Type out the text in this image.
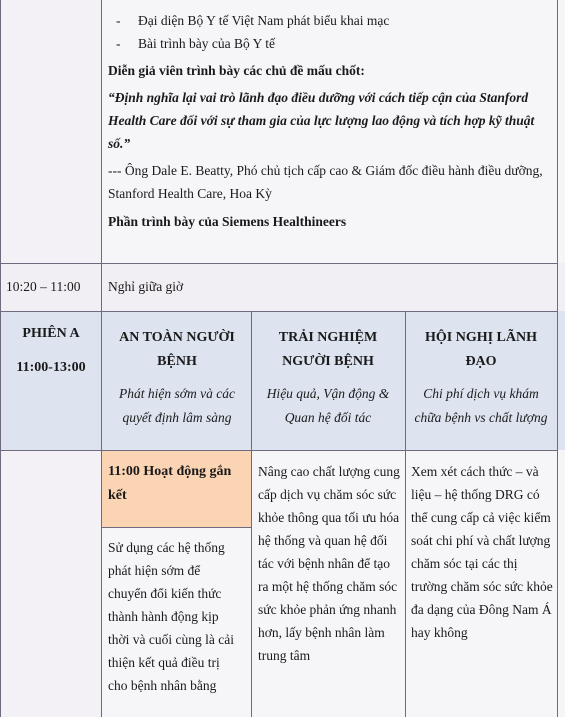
- Đại diện Bộ Y tế Việt Nam phát biểu khai mạc
- Bài trình bày của Bộ Y tế
Diễn giả viên trình bày các chủ đề mấu chốt:
“Định nghĩa lại vai trò lãnh đạo điều dưỡng với cách tiếp cận của Stanford Health Care đối với sự tham gia của lực lượng lao động và tích hợp kỹ thuật số.”
--- Ông Dale E. Beatty, Phó chủ tịch cấp cao & Giám đốc điều hành điều dưỡng, Stanford Health Care, Hoa Kỳ
Phần trình bày của Siemens Healthineers
10:20 – 11:00 Nghỉ giữa giờ
PHIÊN A
11:00-13:00
AN TOÀN NGƯỜI BỆNH
Phát hiện sớm và các quyết định lâm sàng
TRẢI NGHIỆM NGƯỜI BỆNH
Hiệu quả, Vận động & Quan hệ đối tác
HỘI NGHỊ LÃNH ĐẠO
Chi phí dịch vụ khám chữa bệnh vs chất lượng
11:00 Hoạt động gắn kết
Sử dụng các hệ thống phát hiện sớm để chuyển đổi kiến thức thành hành động kịp thời và cuối cùng là cải thiện kết quả điều trị cho bệnh nhân bằng
Nâng cao chất lượng cung cấp dịch vụ chăm sóc sức khỏe thông qua tối ưu hóa hệ thống và quan hệ đối tác với bệnh nhân để tạo ra một hệ thống chăm sóc sức khỏe phản ứng nhanh hơn, lấy bệnh nhân làm trung tâm
Xem xét cách thức – và liệu – hệ thống DRG có thể cung cấp cả việc kiểm soát chi phí và chất lượng chăm sóc tại các thị trường chăm sóc sức khỏe đa dạng của Đông Nam Á hay không
